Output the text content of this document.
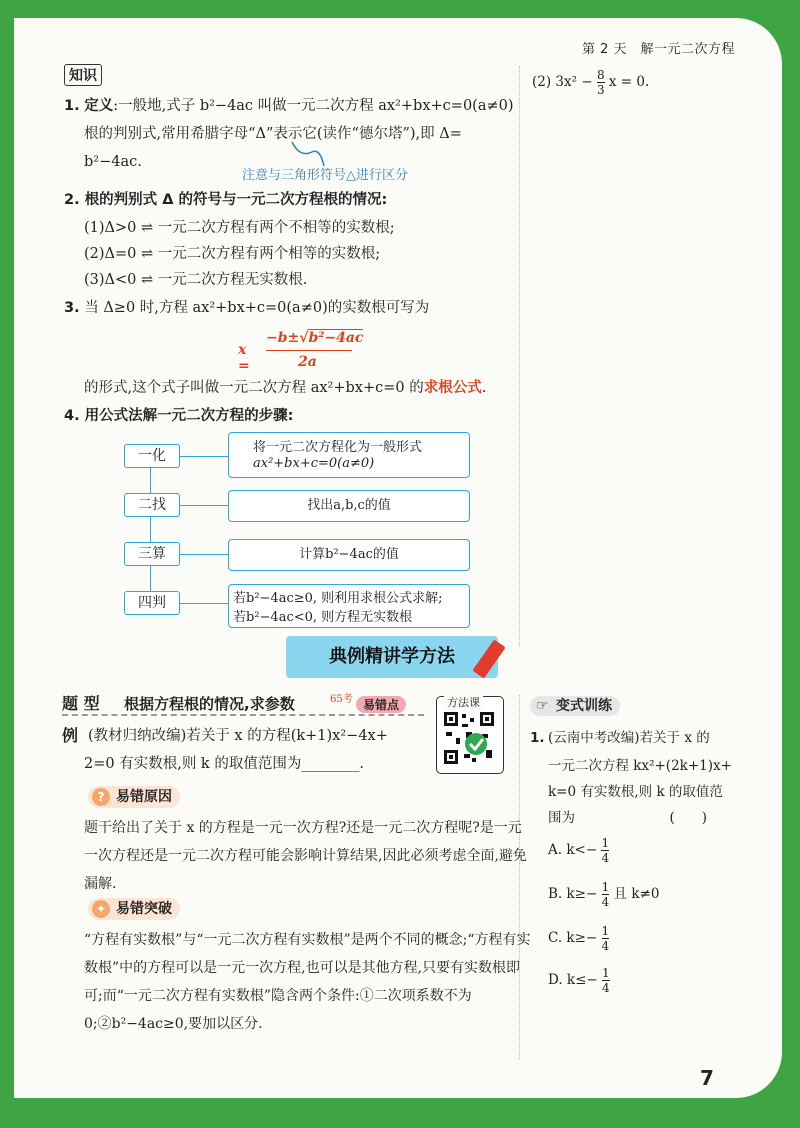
第 2 天　解一元二次方程
知识
1. 定义:一般地,式子 b²−4ac 叫做一元二次方程 ax²+bx+c=0(a≠0)
根的判别式,常用希腊字母“Δ”表示它(读作“德尔塔”),即 Δ=
b²−4ac.
注意与三角形符号△进行区分
2. 根的判别式 Δ 的符号与一元二次方程根的情况:
(1)Δ>0 ⇌ 一元二次方程有两个不相等的实数根;
(2)Δ=0 ⇌ 一元二次方程有两个相等的实数根;
(3)Δ<0 ⇌ 一元二次方程无实数根.
3. 当 Δ≥0 时,方程 ax²+bx+c=0(a≠0)的实数根可写为
x =
−b±√b²−4ac
2a
的形式,这个式子叫做一元二次方程 ax²+bx+c=0 的求根公式.
4. 用公式法解一元二次方程的步骤:
一化
二找
三算
四判
将一元二次方程化为一般形式
ax²+bx+c=0(a≠0)
找出a,b,c的值
计算b²−4ac的值
若b²−4ac≥0, 则利用求根公式求解;
若b²−4ac<0, 则方程无实数根
典例精讲学方法
题 型 根据方程根的情况,求参数	65考 易错点	方法课
例 (教材归纳改编)若关于 x 的方程(k+1)x²−4x+
2=0 有实数根,则 k 的取值范围为________.
? 易错原因
题干给出了关于 x 的方程是一元一次方程?还是一元二次方程呢?是一元一次方程还是一元二次方程可能会影响计算结果,因此必须考虑全面,避免漏解.
✦ 易错突破
“方程有实数根”与“一元二次方程有实数根”是两个不同的概念;“方程有实数根”中的方程可以是一元一次方程,也可以是其他方程,只要有实数根即可;而“一元二次方程有实数根”隐含两个条件:①二次项系数不为 0;②b²−4ac≥0,要加以区分.
(2) $3x^2 - \frac{8}{3}$ x = 0.
☞ 变式训练
1. (云南中考改编)若关于 x 的
一元二次方程 kx²+(2k+1)x+
k=0 有实数根,则 k 的取值范
围为　　　　　　　(　　)
A. $k<- \frac{1}{4}$
B. $k\ge- \frac{1}{4}$ 且 k≠0
C. $k\ge- \frac{1}{4}$
D. $k\le- \frac{1}{4}$
7
